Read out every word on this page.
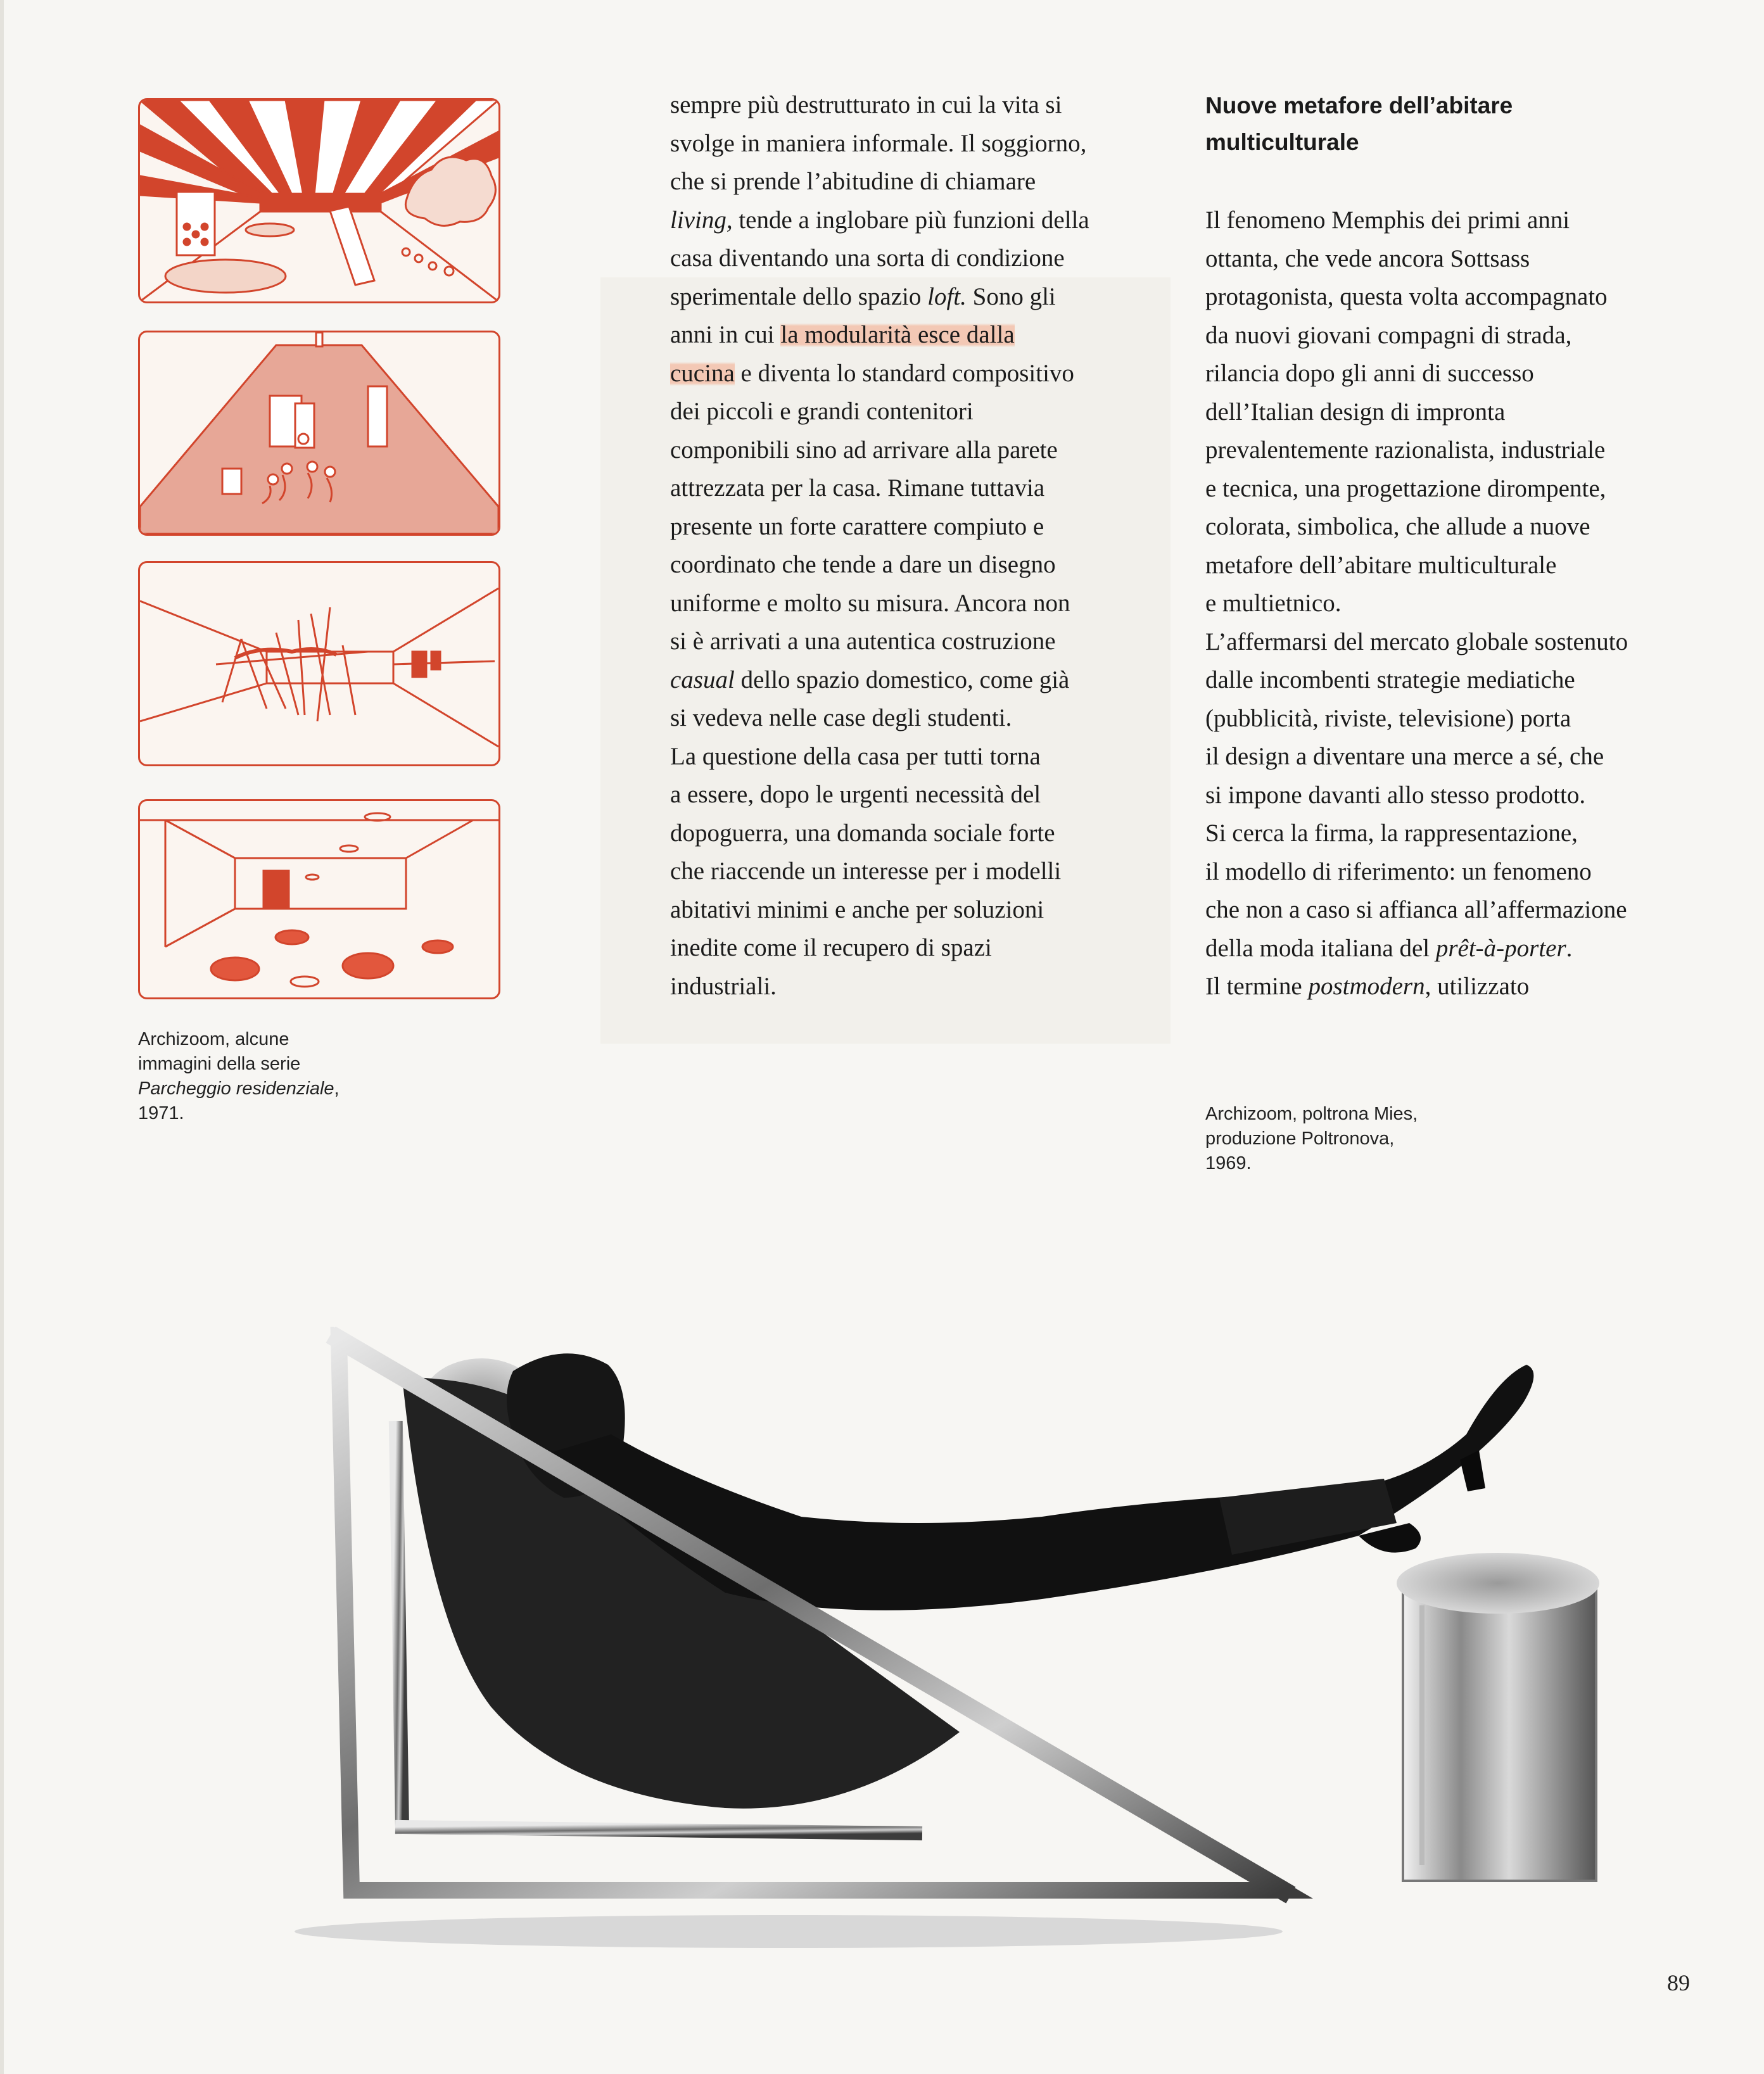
Archizoom, alcune
immagini della serie
Parcheggio residenziale,
1971.
sempre più destrutturato in cui la vita si
svolge in maniera informale. Il soggiorno,
che si prende l’abitudine di chiamare
living, tende a inglobare più funzioni della
casa diventando una sorta di condizione
sperimentale dello spazio loft. Sono gli
anni in cui la modularità esce dalla
cucina e diventa lo standard compositivo
dei piccoli e grandi contenitori
componibili sino ad arrivare alla parete
attrezzata per la casa. Rimane tuttavia
presente un forte carattere compiuto e
coordinato che tende a dare un disegno
uniforme e molto su misura. Ancora non
si è arrivati a una autentica costruzione
casual dello spazio domestico, come già
si vedeva nelle case degli studenti.
La questione della casa per tutti torna
a essere, dopo le urgenti necessità del
dopoguerra, una domanda sociale forte
che riaccende un interesse per i modelli
abitativi minimi e anche per soluzioni
inedite come il recupero di spazi
industriali.
Nuove metafore dell’abitare
multiculturale
Il fenomeno Memphis dei primi anni
ottanta, che vede ancora Sottsass
protagonista, questa volta accompagnato
da nuovi giovani compagni di strada,
rilancia dopo gli anni di successo
dell’Italian design di impronta
prevalentemente razionalista, industriale
e tecnica, una progettazione dirompente,
colorata, simbolica, che allude a nuove
metafore dell’abitare multiculturale
e multietnico.
L’affermarsi del mercato globale sostenuto
dalle incombenti strategie mediatiche
(pubblicità, riviste, televisione) porta
il design a diventare una merce a sé, che
si impone davanti allo stesso prodotto.
Si cerca la firma, la rappresentazione,
il modello di riferimento: un fenomeno
che non a caso si affianca all’affermazione
della moda italiana del prêt-à-porter.
Il termine postmodern, utilizzato
Archizoom, poltrona Mies,
produzione Poltronova,
1969.

89
